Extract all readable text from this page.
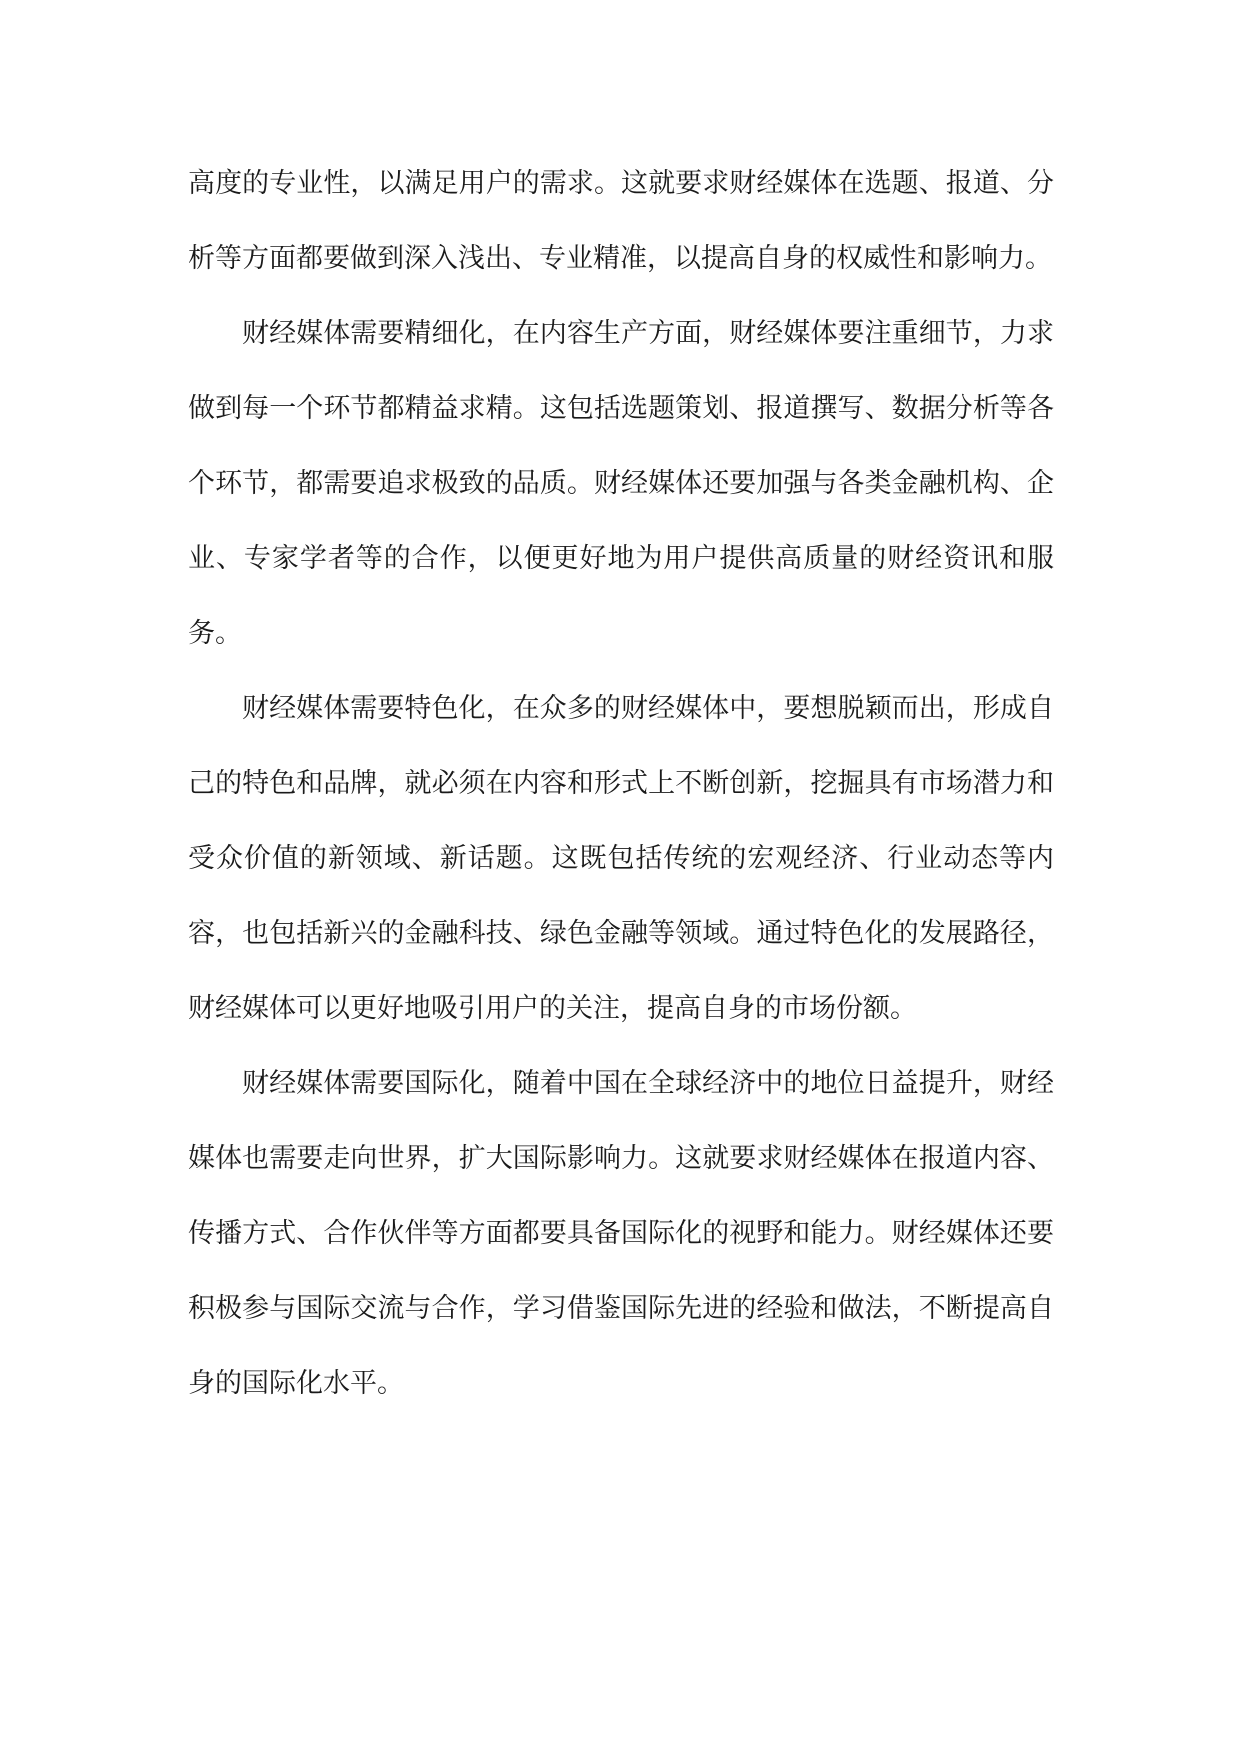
高度的专业性，以满足用户的需求。这就要求财经媒体在选题、报道、分析等方面都要做到深入浅出、专业精准，以提高自身的权威性和影响力。

财经媒体需要精细化，在内容生产方面，财经媒体要注重细节，力求做到每一个环节都精益求精。这包括选题策划、报道撰写、数据分析等各个环节，都需要追求极致的品质。财经媒体还要加强与各类金融机构、企业、专家学者等的合作，以便更好地为用户提供高质量的财经资讯和服务。

财经媒体需要特色化，在众多的财经媒体中，要想脱颖而出，形成自己的特色和品牌，就必须在内容和形式上不断创新，挖掘具有市场潜力和受众价值的新领域、新话题。这既包括传统的宏观经济、行业动态等内容，也包括新兴的金融科技、绿色金融等领域。通过特色化的发展路径，财经媒体可以更好地吸引用户的关注，提高自身的市场份额。

财经媒体需要国际化，随着中国在全球经济中的地位日益提升，财经媒体也需要走向世界，扩大国际影响力。这就要求财经媒体在报道内容、传播方式、合作伙伴等方面都要具备国际化的视野和能力。财经媒体还要积极参与国际交流与合作，学习借鉴国际先进的经验和做法，不断提高自身的国际化水平。
